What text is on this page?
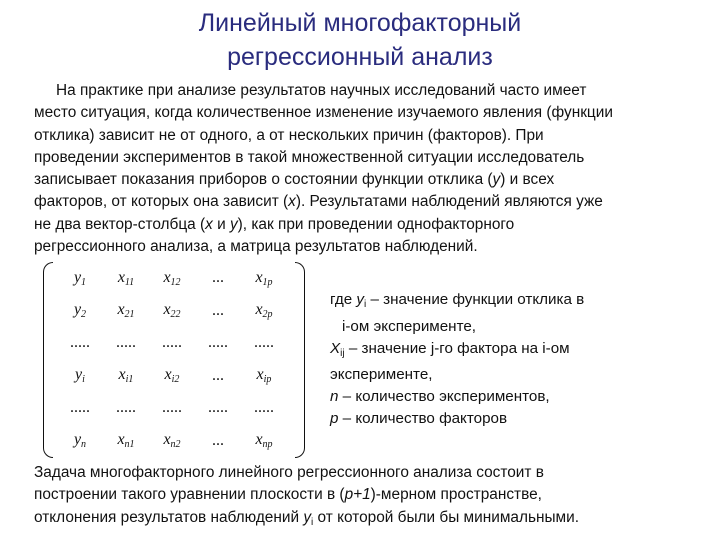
Линейный многофакторный
регрессионный анализ
На практике при анализе результатов научных исследований часто имеет
место ситуация, когда количественное изменение изучаемого явления (функции
отклика) зависит не от одного, а от нескольких причин (факторов). При
проведении экспериментов в такой множественной ситуации исследователь
записывает показания приборов о состоянии функции отклика (y) и всех
факторов, от которых она зависит (x). Результатами наблюдений являются уже
не два вектор-столбца (x и y), как при проведении однофакторного
регрессионного анализа, а матрица результатов наблюдений.
$y_1$	$x_{11}$	$x_{12}$	...	$x_{1p}$
$y_2$	$x_{21}$	$x_{22}$	...	$x_{2p}$
.....	.....	.....	.....	.....
$y_i$	$x_{i1}$	$x_{i2}$	...	$x_{ip}$
.....	.....	.....	.....	.....
$y_n$	$x_{n1}$	$x_{n2}$	...	$x_{np}$
где $y_i$ – значение функции отклика в
i-ом эксперименте,
$X_{ij}$ – значение j-го фактора на i-ом
эксперименте,
n – количество экспериментов,
p – количество факторов
Задача многофакторного линейного регрессионного анализа состоит в
построении такого уравнении плоскости в (p+1)-мерном пространстве,
отклонения результатов наблюдений $y_i$ от которой были бы минимальными.
